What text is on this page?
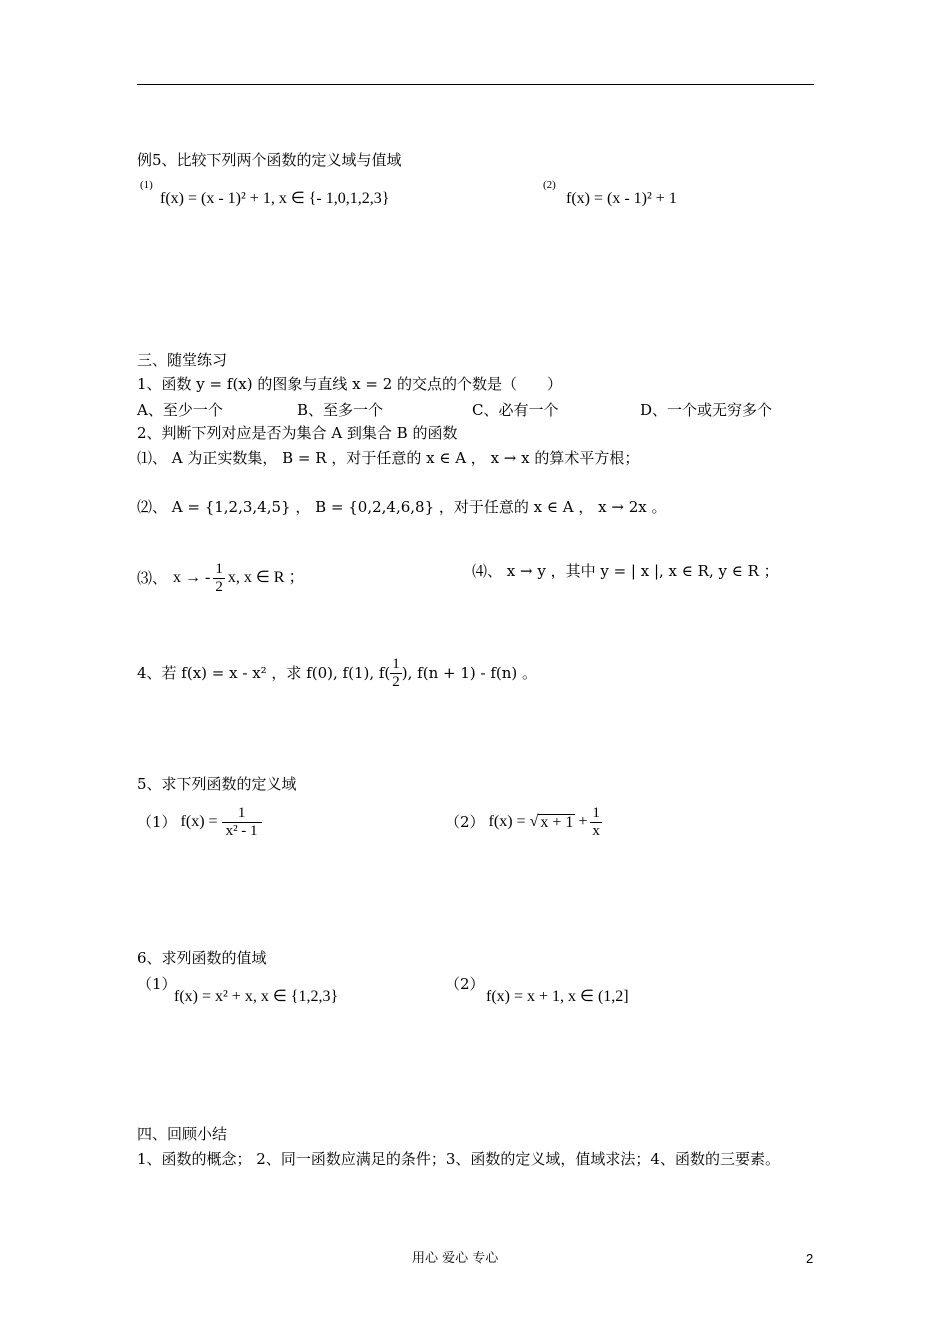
例5、比较下列两个函数的定义域与值域
(1)
f(x) = (x - 1)² + 1, x ∈ {- 1,0,1,2,3}
(2)
f(x) = (x - 1)² + 1
三、随堂练习
1、函数 y = f(x) 的图象与直线 x = 2 的交点的个数是（　　）
A、至少一个	B、至多一个	C、必有一个	D、一个或无穷多个
2、判断下列对应是否为集合 A 到集合 B 的函数
⑴、 A 为正实数集， B = R ，对于任意的 x ∈ A ， x → x 的算术平方根；
⑵、 A = {1,2,3,4,5} ， B = {0,2,4,6,8} ，对于任意的 x ∈ A ， x → 2x 。
⑶、 x → - $\frac{1}{2} x$, x ∈ R ；	⑷、 x → y ，其中 y = | x |, x ∈ R, y ∈ R ；
4、若 f(x) = x - x² ，求 f(0), f(1), $f( \frac{1}{2}$ ), f(n + 1) - f(n) 。
5、求下列函数的定义域
（1） $f(x) = \frac{1}{\text{x² - 1}}$	（2） f(x) = √ $x + 1 + \frac{1}{x}$
6、求列函数的值域
（1）
f(x) = x² + x, x ∈ {1,2,3}
（2）
f(x) = x + 1, x ∈ (1,2]
四、回顾小结
1、函数的概念； 2、同一函数应满足的条件；3、函数的定义域，值域求法；4、函数的三要素。
用心 爱心 专心	2
